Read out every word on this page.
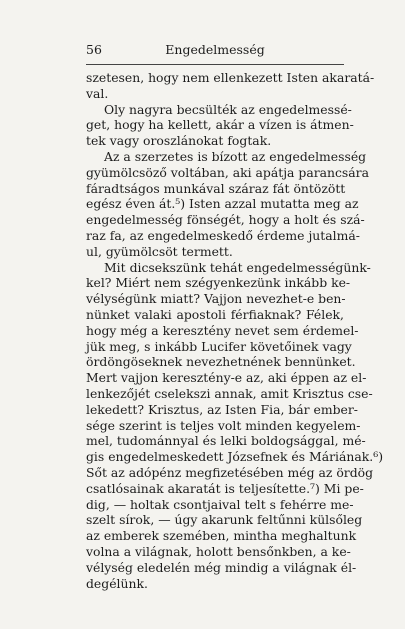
56	Engedelmesség
szetesen, hogy nem ellenkezett Isten akaratá-
val.
Oly nagyra becsülték az engedelmessé-
get, hogy ha kellett, akár a vízen is átmen-
tek vagy oroszlánokat fogtak.
Az a szerzetes is bízott az engedelmesség
gyümölcsöző voltában, aki apátja parancsára
fáradtságos munkával száraz fát öntözött
egész éven át.⁵) Isten azzal mutatta meg az
engedelmesség fönségét, hogy a holt és szá-
raz fa, az engedelmeskedő érdeme jutalmá-
ul, gyümölcsöt termett.
Mit dicsekszünk tehát engedelmességünk-
kel? Miért nem szégyenkezünk inkább ke-
vélységünk miatt? Vajjon nevezhet-e ben-
nünket valaki apostoli férfiaknak? Félek,
hogy még a keresztény nevet sem érdemel-
jük meg, s inkább Lucifer követőinek vagy
ördöngöseknek nevezhetnének bennünket.
Mert vajjon keresztény-e az, aki éppen az el-
lenkezőjét cselekszi annak, amit Krisztus cse-
lekedett? Krisztus, az Isten Fia, bár ember-
sége szerint is teljes volt minden kegyelem-
mel, tudománnyal és lelki boldogsággal, mé-
gis engedelmeskedett Józsefnek és Máriának.⁶)
Sőt az adópénz megfizetésében még az ördög
csatlósainak akaratát is teljesítette.⁷) Mi pe-
dig, — holtak csontjaival telt s fehérre me-
szelt sírok, — úgy akarunk feltűnni külsőleg
az emberek szemében, mintha meghaltunk
volna a világnak, holott bensőnkben, a ke-
vélység eledelén még mindig a világnak él-
degélünk.
